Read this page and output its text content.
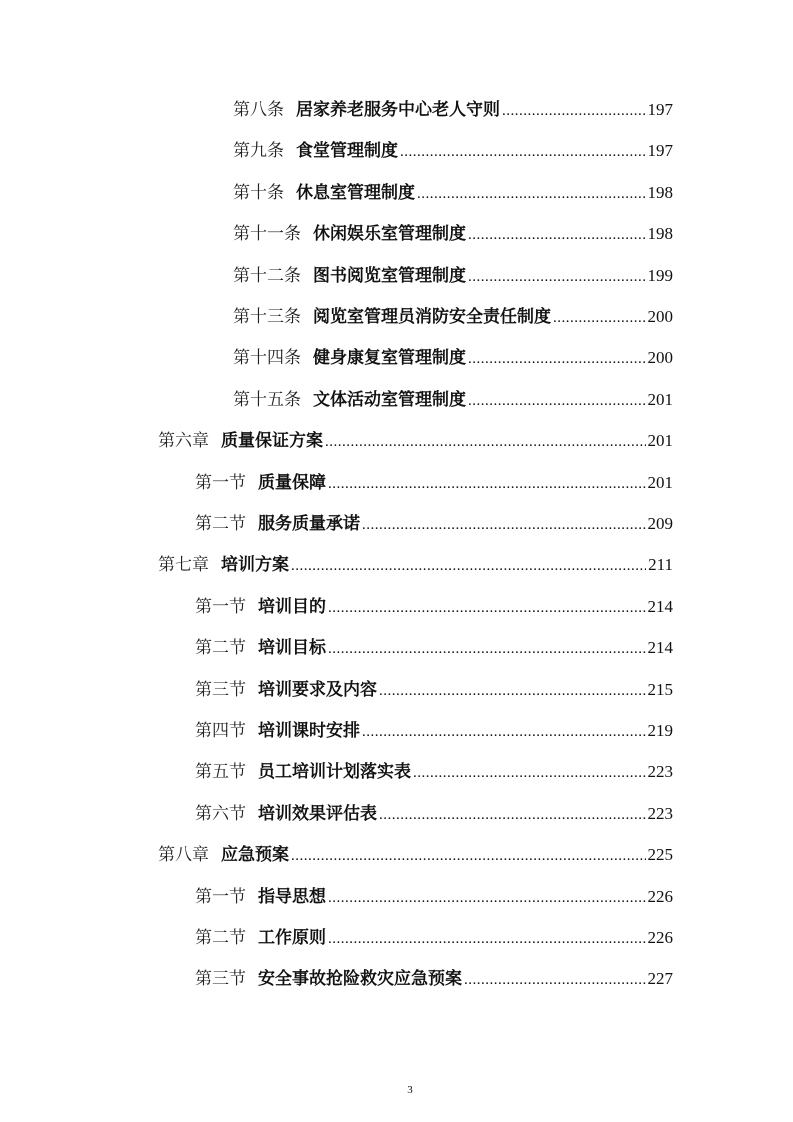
第八条 居家养老服务中心老人守则 .....	197
第九条 食堂管理制度 .....	197
第十条 休息室管理制度 .....	198
第十一条 休闲娱乐室管理制度 .....	198
第十二条 图书阅览室管理制度 .....	199
第十三条 阅览室管理员消防安全责任制度 .....	200
第十四条 健身康复室管理制度 .....	200
第十五条 文体活动室管理制度 .....	201
第六章 质量保证方案 .....	201
第一节 质量保障 .....	201
第二节 服务质量承诺 .....	209
第七章 培训方案 .....	211
第一节 培训目的 .....	214
第二节 培训目标 .....	214
第三节 培训要求及内容 .....	215
第四节 培训课时安排 .....	219
第五节 员工培训计划落实表 .....	223
第六节 培训效果评估表 .....	223
第八章 应急预案 .....	225
第一节 指导思想 .....	226
第二节 工作原则 .....	226
第三节 安全事故抢险救灾应急预案 .....	227
3
